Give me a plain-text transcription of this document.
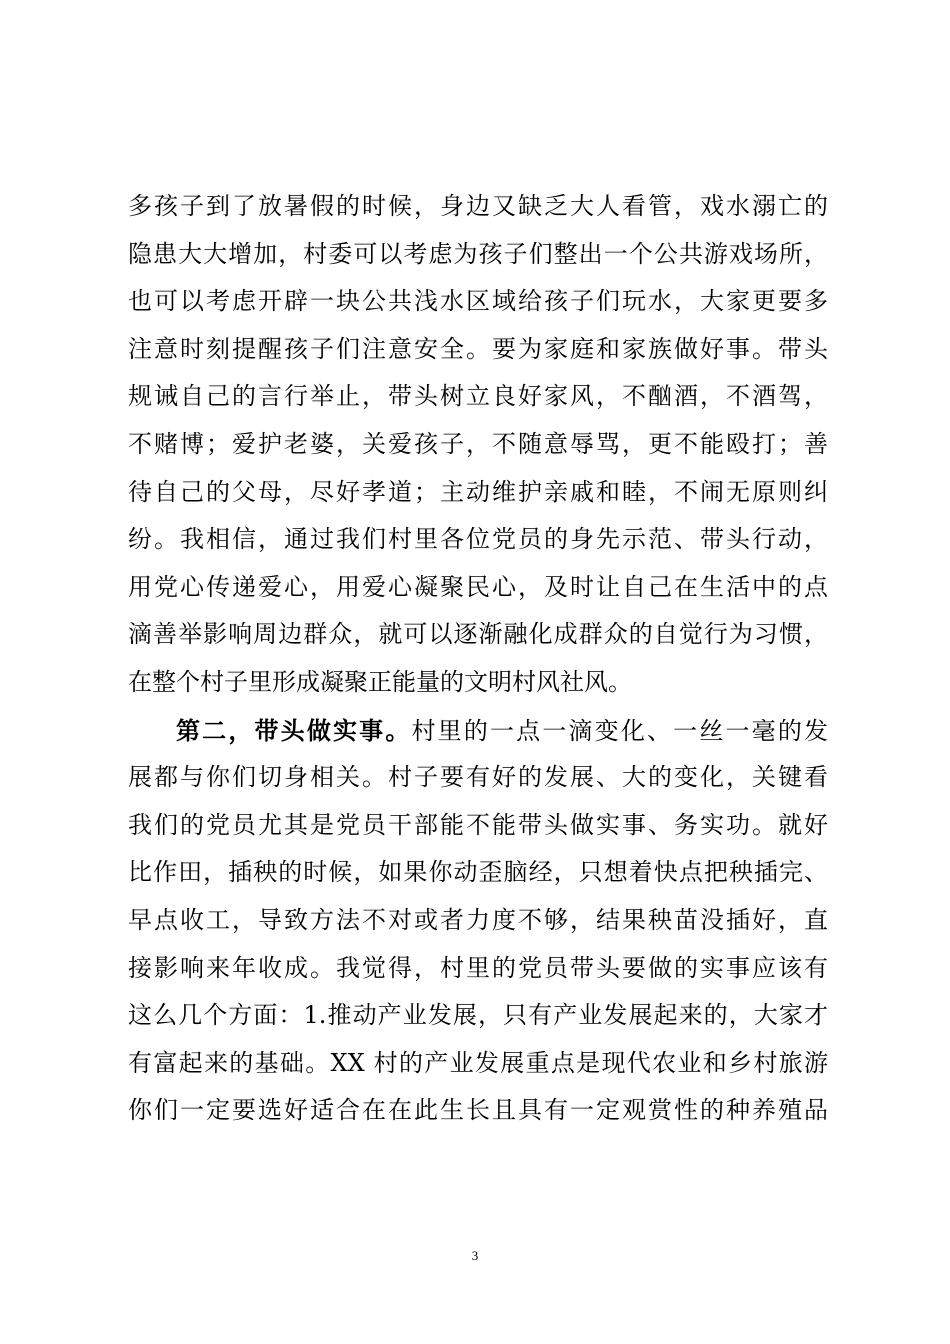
多孩子到了放暑假的时候，身边又缺乏大人看管，戏水溺亡的
隐患大大增加，村委可以考虑为孩子们整出一个公共游戏场所，
也可以考虑开辟一块公共浅水区域给孩子们玩水，大家更要多
注意时刻提醒孩子们注意安全。要为家庭和家族做好事。带头
规诫自己的言行举止，带头树立良好家风，不酗酒，不酒驾，
不赌博；爱护老婆，关爱孩子，不随意辱骂，更不能殴打；善
待自己的父母，尽好孝道；主动维护亲戚和睦，不闹无原则纠
纷。我相信，通过我们村里各位党员的身先示范、带头行动，
用党心传递爱心，用爱心凝聚民心，及时让自己在生活中的点
滴善举影响周边群众，就可以逐渐融化成群众的自觉行为习惯，
在整个村子里形成凝聚正能量的文明村风社风。
第二，带头做实事。村里的一点一滴变化、一丝一毫的发
展都与你们切身相关。村子要有好的发展、大的变化，关键看
我们的党员尤其是党员干部能不能带头做实事、务实功。就好
比作田，插秧的时候，如果你动歪脑经，只想着快点把秧插完、
早点收工，导致方法不对或者力度不够，结果秧苗没插好，直
接影响来年收成。我觉得，村里的党员带头要做的实事应该有
这么几个方面：1.推动产业发展，只有产业发展起来的，大家才
有富起来的基础。XX 村的产业发展重点是现代农业和乡村旅游
你们一定要选好适合在在此生长且具有一定观赏性的种养殖品
3
